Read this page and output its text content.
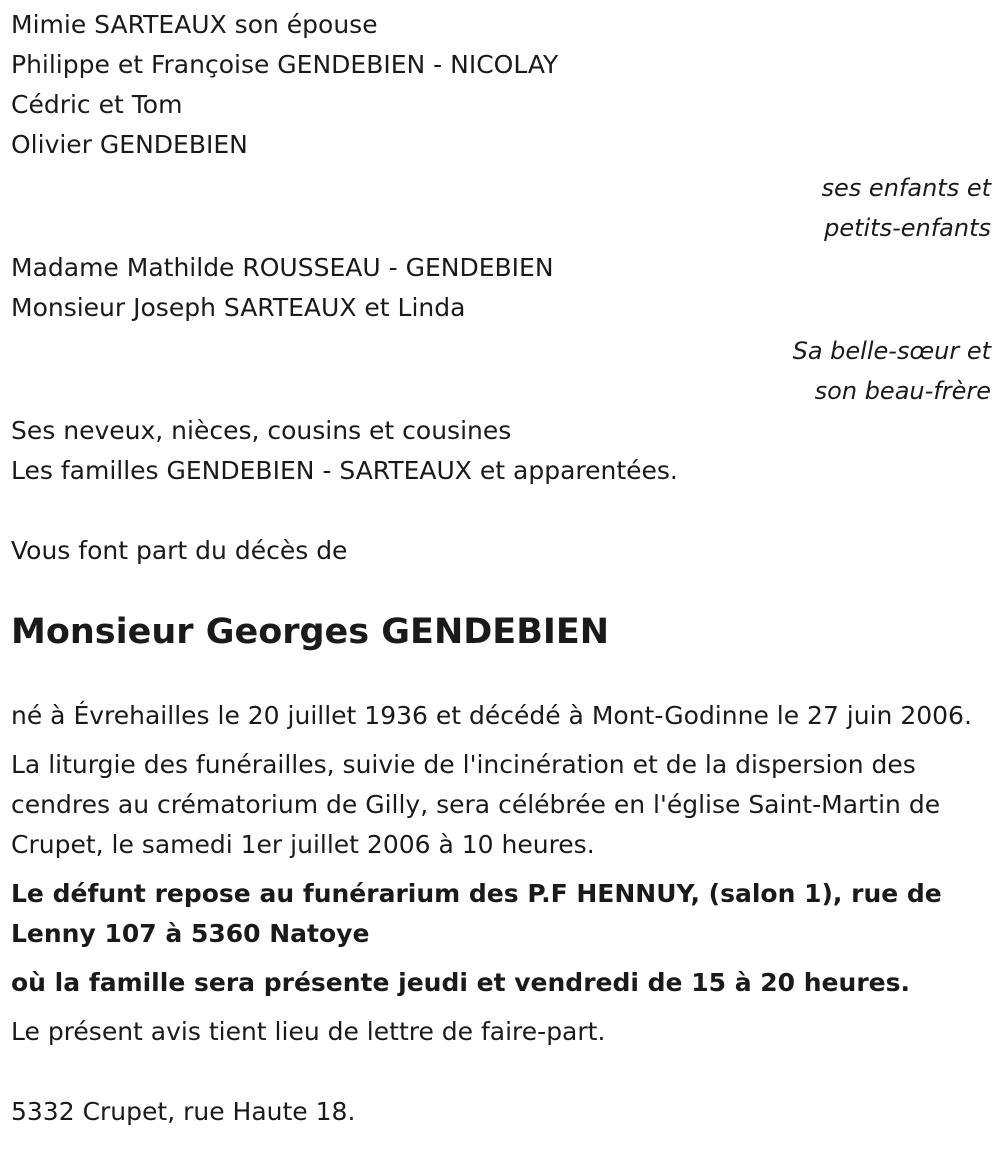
Mimie SARTEAUX son épouse
Philippe et Françoise GENDEBIEN - NICOLAY
Cédric et Tom
Olivier GENDEBIEN
ses enfants et
petits-enfants
Madame Mathilde ROUSSEAU - GENDEBIEN
Monsieur Joseph SARTEAUX et Linda
Sa belle-sœur et
son beau-frère
Ses neveux, nièces, cousins et cousines
Les familles GENDEBIEN - SARTEAUX et apparentées.
Vous font part du décès de
Monsieur Georges GENDEBIEN
né à Évrehailles le 20 juillet 1936 et décédé à Mont-Godinne le 27 juin 2006.
La liturgie des funérailles, suivie de l'incinération et de la dispersion des cendres au crématorium de Gilly, sera célébrée en l'église Saint-Martin de Crupet, le samedi 1er juillet 2006 à 10 heures.
Le défunt repose au funérarium des P.F HENNUY, (salon 1), rue de Lenny 107 à 5360 Natoye
où la famille sera présente jeudi et vendredi de 15 à 20 heures.
Le présent avis tient lieu de lettre de faire-part.
5332 Crupet, rue Haute 18.
